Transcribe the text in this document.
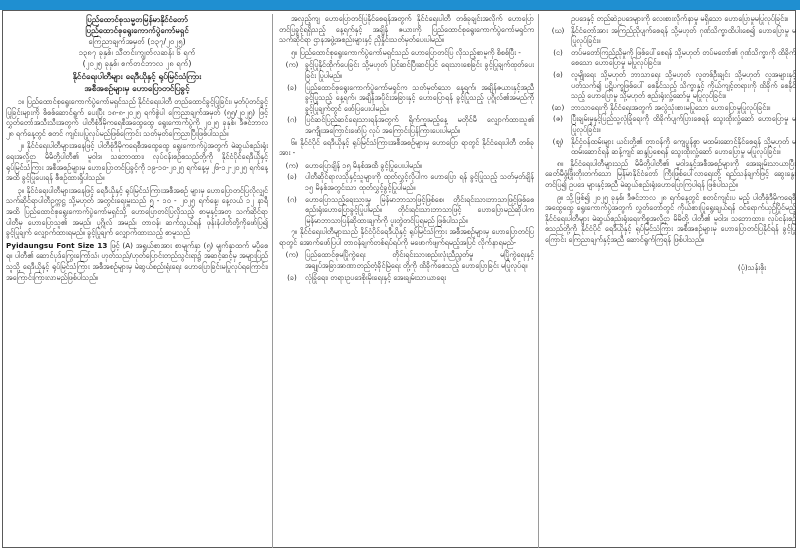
ပြည်ထောင်စုသမ္မတမြန်မာနိုင်ငံတော်
ပြည်ထောင်စုရွေးကောက်ပွဲကော်မရှင်
ကြေညာချက်အမှတ် (၁၃၇/၂၀၂၅)
၁၃၈၇ ခုနှစ်၊ သီတင်းကျွတ်လဆန်း ၆ ရက်
(၂၀၂၅ ခုနှစ်၊ စက်တင်ဘာလ ၂၈ ရက်)
နိုင်ငံရေးပါတီများ ရေဒီယိုနှင့် ရုပ်မြင်သံကြား
အစီအစဉ်များမှ ဟောပြောတင်ပြခွင့်

၁။ ပြည်ထောင်စုရွေးကောက်ပွဲကော်မရှင်သည် နိုင်ငံရေးပါတီ တည်ထောင်ခွင့်ပြုခြင်း၊ မှတ်ပုံတင်ခွင့်ပြုခြင်းများကို စိစစ်ဆောင်ရွက် ပေးပြီး ၁၈-၈-၂၀၂၅ ရက်စွဲပါ ကြေညာချက်အမှတ် (၅၅/၂၀၂၅) ဖြင့် လွှတ်တော်အသီးသီးအတွက် ပါတီစုံဒီမိုကရေစီအထွေထွေ ရွေးကောက်ပွဲကို ၂၀၂၅ ခုနှစ်၊ ဒီဇင်ဘာလ ၂၈ ရက်နေ့တွင် စတင် ကျင်းပပြုလုပ်မည်ဖြစ်ကြောင်း သတ်မှတ်ကြေညာပြီးဖြစ်ပါသည်။

၂။ နိုင်ငံရေးပါတီများအနေဖြင့် ပါတီစုံဒီမိုကရေစီအထွေထွေ ရွေးကောက်ပွဲအတွက် မဲဆွယ်စည်းရုံးရေးအလို့ငှာ မိမိတို့ပါတီ၏ မူဝါဒ၊ သဘောထား၊ လုပ်ငန်းစဉ်စသည်တို့ကို နိုင်ငံပိုင်ရေဒီယိုနှင့် ရုပ်မြင်သံကြား အစီအစဉ်များမှ ဟောပြောတင်ပြခွင့်ကို ၁၉-၁၀-၂၀၂၅ ရက်နေ့မှ ၂၆-၁၂-၂၀၂၅ ရက်နေ့အထိ ခွင့်ပြုပေးရန် စီစဉ်ထားရှိပါသည်။

၃။ နိုင်ငံရေးပါတီများအနေဖြင့် ရေဒီယိုနှင့် ရုပ်မြင်သံကြားအစီအစဉ် များမှ ဟောပြောတင်ပြလိုလျှင် သက်ဆိုင်ရာပါတီဥက္ကဋ္ဌ သို့မဟုတ် အတွင်းရေးမှူးသည် ၅ - ၁၀ - ၂၀၂၅ ရက်နေ့၊ နေ့လယ် ၁၂ နာရီအထိ ပြည်ထောင်စုရွေးကောက်ပွဲကော်မရှင်သို့ ဟောပြောတင်ပြလိုသည့် စာမူနှင့်အတူ သက်ဆိုင်ရာပါတီမှ ဟောပြောသူ၏ အမည်၊ ပုဂ္ဂိုလ် အမည်၊ တာဝန်၊ ဆက်သွယ်ရန် ဖုန်းနံပါတ်တို့ကိုဖော်ပြ၍ ခွင့်ပြုချက် လျှောက်ထားရမည်။ ခွင့်ပြုချက် လျှောက်ထားသည့် စာမူသည်

Pyidaungsu Font Size 13 ဖြင့် (A) အရွယ်စာအား စာမျက်နှာ (၅) မျက်နှာထက် မပိုစေရ။ ပါတီ၏ ဆောင်ပုဒ်ကြွေးကြော်သံ၊ ဟုတ်သည်/ဟုတ်ပြောင်းတည်သွင်းရာ၌ အဆင့်ဆင့်မှ အများပြည်သူသို့ ရေဒီယိုနှင့် ရုပ်မြင်သံကြား အစီအစဉ်များမှ မဲဆွယ်စည်းရုံးရေး ဟောပြောခြင်းမပြုလုပ်ရကြောင်း၊ အကြောင်းကြားလာမည်ဖြစ်ပါသည်။

အလှည့်ကျ ဟောပြောတင်ပြနိုင်စေရန်အတွက် နိုင်ငံရေးပါတီ တစ်ခုချင်းအလိုက် ဟောပြောတင်ပြခွင့်ရရှိသည့် နေ့ရက်နှင့် အချိန် ဇယားကို ပြည်ထောင်စုရွေးကောက်ပွဲကော်မရှင်က သက်ဆိုင်ရာ ဌာနအဖွဲ့အစည်းများနှင့် ညှိနှိုင်းသတ်မှတ်ပေးပါမည်။

၅။ ပြည်ထောင်စုရွေးကောက်ပွဲကော်မရှင်သည် ဟောပြောတင်ပြ လိုသည့်စာမူကို စိစစ်ပြီး -

(က) ခွင့်ပြုနိုင်ထိုက်ပေခြင်း သို့မဟုတ် ပြင်ဆင်ပြီးဆင်ပြင် ရေးသားစေခြင်း ခွင့်ပြုချက်ထုတ်ပေးခြင်း ပြုပါမည်။
(ခ)	ပြည်ထောင်စုရွေးကောက်ပွဲကော်မရှင်က သတ်မှတ်သော နေ့ရက်၊ အချိန်ဇယားနှင့်အညီ ခွင့်ပြုသည့် နေ့ရက်၊ အချိန်အပိုင်းအခြားနှင့် ဟောပြောရန် ခွင့်ပြုသည့် ပုဂ္ဂိုလ်၏အမည်ကို ခွင့်ပြုချက်တွင် ဖော်ပြပေးပါမည်။
(ဂ)	ပြင်ဆင်ပြည်ဆင်ရေးသားရန်အတွက် ရိုက်ကူးမည့်နေ့ မတိုင်မီ လျှောက်ထားသူ၏ အကျိုးအကြောင်းဖော်ပြ လုပ် အကြောင်းပြန်ကြားပေးပါမည်။

၆။ နိုင်ငံပိုင် ရေဒီယိုနှင့် ရုပ်မြင်သံကြားအစီအစဉ်များမှ ဟောပြော ရာတွင် နိုင်ငံရေးပါတီ တစ်ခုအား -

(က) ဟောပြောချိန် ၁၅ မိနစ်အထိ ခွင့်ပြုပေးပါမည်။
(ခ)	ပါတီဆိုင်ရာလသိုနှင့်သူများကို ထုတ်လွှင့်လိုပါက ဟောပြော ရန် ခွင့်ပြုသည့် သတ်မှတ်ချိန် ၁၅ မိနစ်အတွင်းသာ ထုတ်လွှင့်ခွင့်ပြုပါမည်။
(ဂ)	ဟောပြောသည့်ရေးသားမှု မြန်မာဘာသာဖြင့်ဖြစ်စေ၊ တိုင်းရင်းသားဘာသာဖြင့်ဖြစ်စေ စည်းရုံးဟောပြောခွင့်ပြုပါမည်။ တိုင်းရင်းသားဘာသာဖြင့် ဟောပြောမည်ဆိုပါက မြန်မာဘာသာပြန်ဆိုထားချက်ကို ပူးတွဲတင်ပြရမည် ဖြစ်ပါသည်။

၇။ နိုင်ငံရေးပါတီများသည် နိုင်ငံပိုင်ရေဒီယိုနှင့် ရုပ်မြင်သံကြား အစီအစဉ်များမှ ဟောပြောတင်ပြရာတွင် အောက်ဖော်ပြပါ တာဝန်ချက်တစ်ရပ်ရပ်ကို မဖောက်ဖျက်ရမည့်အပြင် လိုက်နာရမည်-

(က) ပြည်ထောင်စုမပြိုကွဲရေး တိုင်းရင်းသားစည်းလုံးညီညွတ်မှု မပြိုကွဲရေးနှင့် အချုပ်အခြာအာဏာတည်တံ့ခိုင်မြဲရေး တို့ကို ထိခိုက်စေသည့် ဟောပြောခြင်း မပြုလုပ်ရ။
(ခ)	လုံခြုံရေး၊ တရားဥပဒေစိုးမိုးရေးနှင့် အေးချမ်းသာယာရေး
ဥပဒေနှင့် တည်ဆဲဥပဒေများကို လေးစားလိုက်နာမှု မရှိသော ဟောပြောမှုမပြုလုပ်ခြင်း။
(ဃ) နိုင်ငံတော်အား အကြည်ညိုပျက်စေရန် သို့မဟုတ် ဂုဏ်သိက္ခာထိပါးစေ၍ ဟောပြောမှု မပြုလုပ်ခြင်း။
(င)	တပ်မတော်ကြည်ညိုမှုကို ဖြစ်ပေါ်စေရန် သို့မဟုတ် တပ်မတော်၏ ဂုဏ်သိက္ခာကို ထိခိုက်စေသော ဟောပြောမှု မပြုလုပ်ခြင်း။
(စ)	လူမျိုးရေး သို့မဟုတ် ဘာသာရေး သို့မဟုတ် လူတစ်ဦးချင်း သို့မဟုတ် လူအများနှင့်ပတ်သက်၍ ပဋိပက္ခဖြစ်ပေါ် စေနိုင်သည့် သိက္ခာနှင့် ကိုယ်ကျင့်တရားကို ထိခိုက် စေနိုင်သည့် ဟောပြောမှု သို့မဟုတ် စည်းရုံးလှုံ့ဆော်မှု မပြုလုပ်ခြင်း။
(ဆ) ဘာသာရေးကို နိုင်ငံရေးအတွက် အလွဲသုံးစားမပြုသော ဟောပြောမှုပြုလုပ်ခြင်း။
(ဇ)	ပြီးချမ်းမှုနှင့်ပြည်သူ့လုံခြုံရေးကို ထိခိုက်ပျက်ပြားစေရန် သွေးထိုးလှုံ့ဆော် ဟောပြောမှု မပြုလုပ်ခြင်း။
(ဈ)	နိုင်ငံ့ဝန်ထမ်းများ ယင်းတို့၏ တာဝန်ကို ကျေပွန်စွာ မထမ်းဆောင်နိုင်စေရန် သို့မဟုတ် မထမ်းဆောင်ရန် ဆန့်ကျင် ဆန္ဒပြစေရန် သွေးထိုးလှုံ့ဆော် ဟောပြောမှု မပြုလုပ်ခြင်း။

၈။ နိုင်ငံရေးပါတီများသည် မိမိတို့ပါတီ၏ မူဝါဒနှင့်အစီအစဉ်များကို အေးချမ်းသာယာပြီး ခေတ်မီဖွံ့ဖြိုးတိုးတက်သော မြန်မာနိုင်ငံတော် ကြီးဖြစ်ပေါ်လာရေးတို့ ရည်သန်ချက်ဖြင့် ဆွေးနွေးတင်ပြ၍ ဥပဒေ များနှင့်အညီ မဲဆွယ်စည်းရုံးဟောပြောကြပါရန် ဖြစ်ပါသည်။

၉။ သို့ဖြစ်၍ ၂၀၂၅ ခုနှစ်၊ ဒီဇင်ဘာလ ၂၈ ရက်နေ့တွင် စတင်ကျင်းပ မည့် ပါတီစုံဒီမိုကရေစီအထွေထွေ ရွေးကောက်ပွဲအတွက် လွှတ်တော်တွင် ကိုယ်စားပြုရွေးချယ်ရန် ဝင်ရောက်ယှဉ်ပြိုင်မည့် နိုင်ငံရေးပါတီများ မဲဆွယ်စည်းရုံးရေးကိစ္စအလို့ငှာ မိမိတို့ ပါတီ၏ မူဝါဒ၊ သဘောထား၊ လုပ်ငန်းစဉ်စသည်တို့ကို နိုင်ငံပိုင် ရေဒီယိုနှင့် ရုပ်မြင်သံကြား အစီအစဉ်များမှ ဟောပြောတင်ပြနိုင်ရန် ခွင့်ပြုကြောင်း ကြေညာချက်နှင့်အညီ ဆောင်ရွက်ကြရန် ဖြစ်ပါသည်။

(ပုံ)သန်းစိုး
